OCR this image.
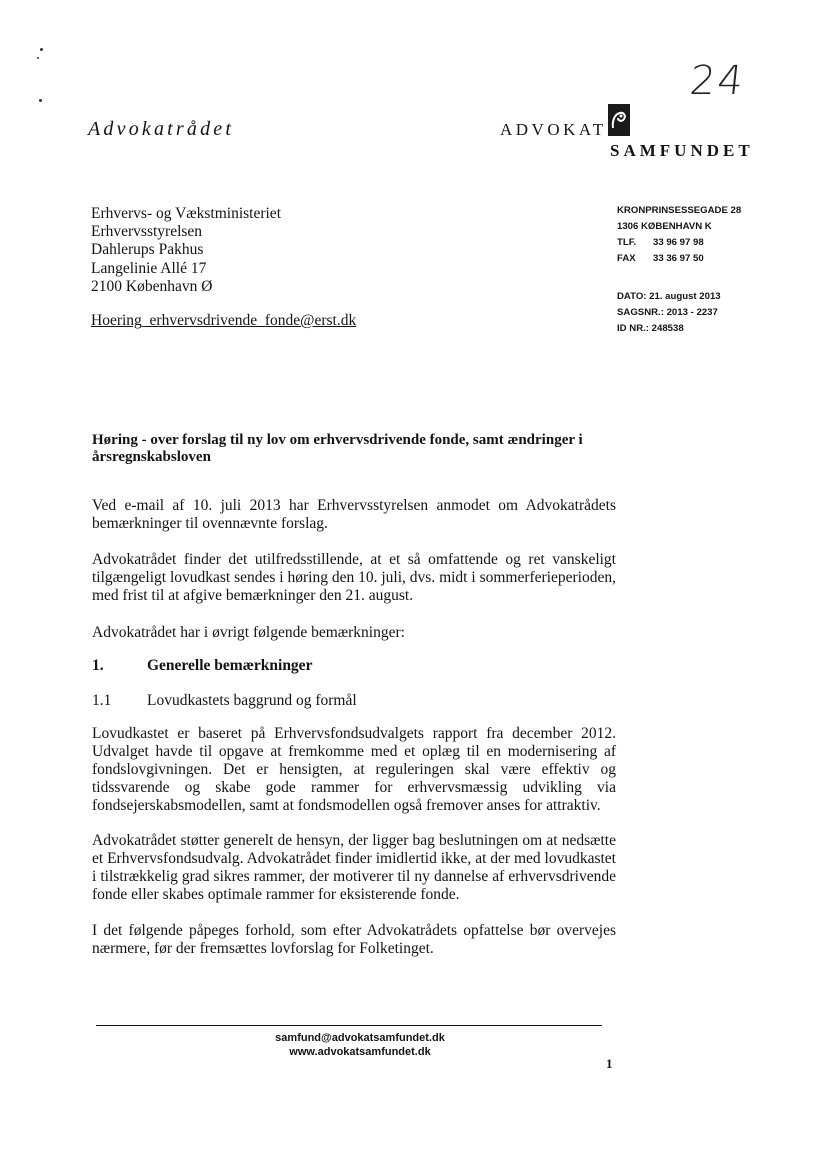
24
Advokatrådet	ADVOKAT
SAMFUNDET
Erhvervs- og Vækstministeriet
Erhvervsstyrelsen
Dahlerups Pakhus
Langelinie Allé 17
2100 København Ø
Hoering_erhvervsdrivende_fonde@erst.dk
KRONPRINSESSEGADE 28
1306 KØBENHAVN K
TLF. 33 96 97 98
FAX 33 36 97 50
DATO: 21. august 2013
SAGSNR.: 2013 - 2237
ID NR.: 248538
Høring - over forslag til ny lov om erhvervsdrivende fonde, samt ændringer i årsregnskabsloven
Ved e-mail af 10. juli 2013 har Erhvervsstyrelsen anmodet om Advokatrådets bemærkninger til ovennævnte forslag.
Advokatrådet finder det utilfredsstillende, at et så omfattende og ret vanskeligt tilgængeligt lovudkast sendes i høring den 10. juli, dvs. midt i sommerferieperioden, med frist til at afgive bemærkninger den 21. august.
Advokatrådet har i øvrigt følgende bemærkninger:
1.	Generelle bemærkninger
1.1 Lovudkastets baggrund og formål
Lovudkastet er baseret på Erhvervsfondsudvalgets rapport fra december 2012. Udvalget havde til opgave at fremkomme med et oplæg til en modernisering af fondslovgivningen. Det er hensigten, at reguleringen skal være effektiv og tidssvarende og skabe gode rammer for erhvervsmæssig udvikling via fondsejerskabsmodellen, samt at fondsmodellen også fremover anses for attraktiv.
Advokatrådet støtter generelt de hensyn, der ligger bag beslutningen om at nedsætte et Erhvervsfondsudvalg. Advokatrådet finder imidlertid ikke, at der med lovudkastet i tilstrækkelig grad sikres rammer, der motiverer til ny dannelse af erhvervsdrivende fonde eller skabes optimale rammer for eksisterende fonde.
I det følgende påpeges forhold, som efter Advokatrådets opfattelse bør overvejes nærmere, før der fremsættes lovforslag for Folketinget.
samfund@advokatsamfundet.dk
www.advokatsamfundet.dk
1
